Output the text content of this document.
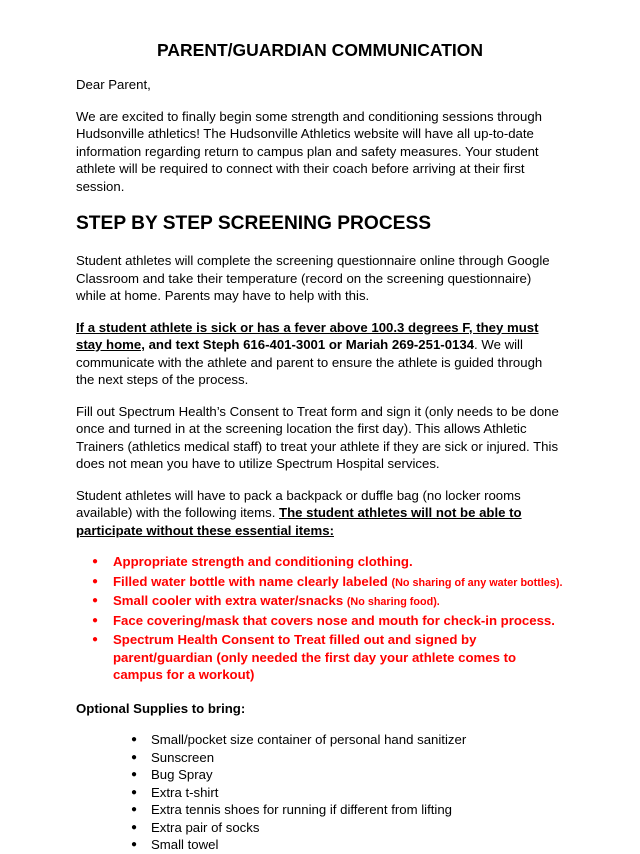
PARENT/GUARDIAN COMMUNICATION

Dear Parent,

We are excited to finally begin some strength and conditioning sessions through Hudsonville athletics! The Hudsonville Athletics website will have all up-to-date information regarding return to campus plan and safety measures. Your student athlete will be required to connect with their coach before arriving at their first session.

STEP BY STEP SCREENING PROCESS

Student athletes will complete the screening questionnaire online through Google Classroom and take their temperature (record on the screening questionnaire) while at home. Parents may have to help with this.

If a student athlete is sick or has a fever above 100.3 degrees F, they must stay home, and text Steph 616-401-3001 or Mariah 269-251-0134. We will communicate with the athlete and parent to ensure the athlete is guided through the next steps of the process.

Fill out Spectrum Health’s Consent to Treat form and sign it (only needs to be done once and turned in at the screening location the first day). This allows Athletic Trainers (athletics medical staff) to treat your athlete if they are sick or injured. This does not mean you have to utilize Spectrum Hospital services.

Student athletes will have to pack a backpack or duffle bag (no locker rooms available) with the following items. The student athletes will not be able to participate without these essential items:

● Appropriate strength and conditioning clothing.
● Filled water bottle with name clearly labeled (No sharing of any water bottles).
● Small cooler with extra water/snacks (No sharing food).
● Face covering/mask that covers nose and mouth for check-in process.
● Spectrum Health Consent to Treat filled out and signed by parent/guardian (only needed the first day your athlete comes to campus for a workout)

Optional Supplies to bring:

● Small/pocket size container of personal hand sanitizer
● Sunscreen
● Bug Spray
● Extra t-shirt
● Extra tennis shoes for running if different from lifting
● Extra pair of socks
● Small towel
